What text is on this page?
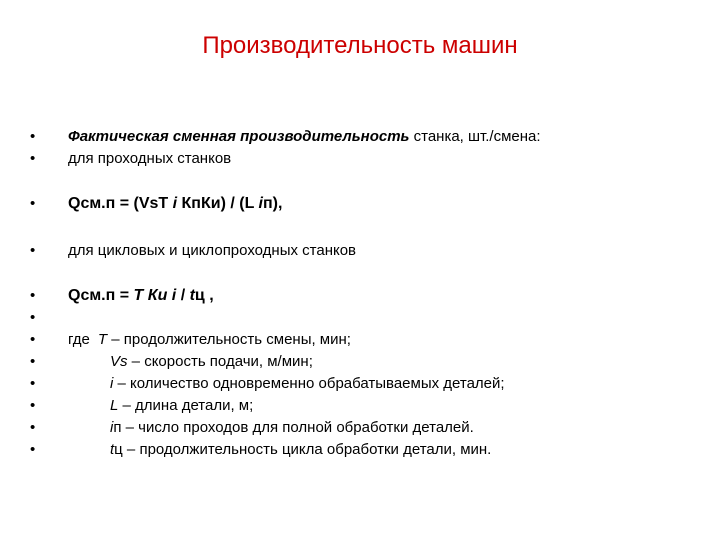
Производительность машин
• Фактическая сменная производительность станка, шт./смена:
• для проходных станков
• Qсм.п = (VsT i КпКи) / (L iп),
• для цикловых и циклопроходных станков
• Qсм.п = T Ки i / tц ,
•
• где T – продолжительность смены, мин;
•	Vs – скорость подачи, м/мин;
•	i – количество одновременно обрабатываемых деталей;
•	L – длина детали, м;
•	iп – число проходов для полной обработки деталей.
•	tц – продолжительность цикла обработки детали, мин.
